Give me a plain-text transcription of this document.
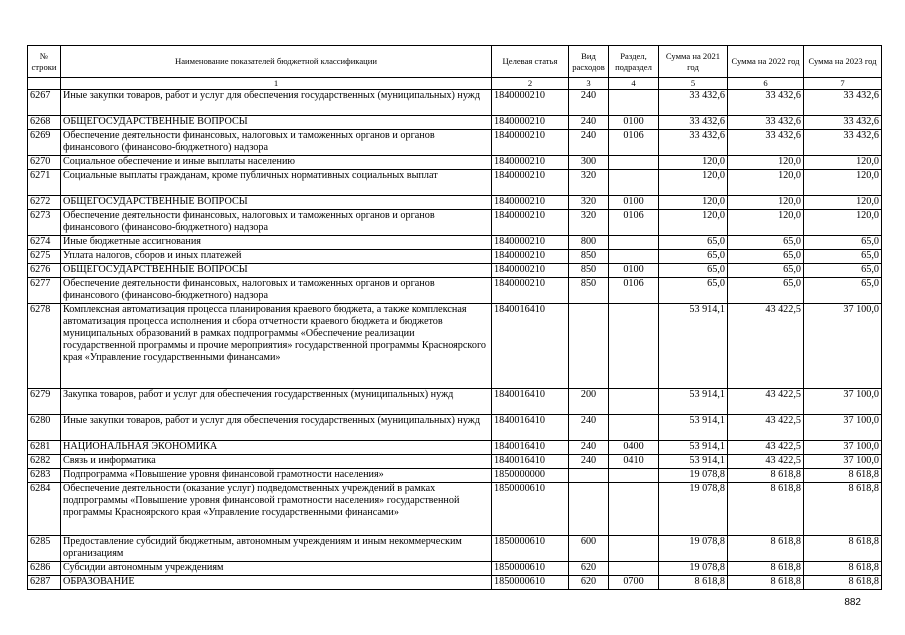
№ строки	Наименование показателей бюджетной классификации	Целевая статья	Вид расходов	Раздел, подраздел	Сумма на 2021 год	Сумма на 2022 год	Сумма на 2023 год
	1	2	3	4	5	6	7
6267	Иные закупки товаров, работ и услуг для обеспечения государственных (муниципальных) нужд	1840000210	240		33 432,6	33 432,6	33 432,6
6268	ОБЩЕГОСУДАРСТВЕННЫЕ ВОПРОСЫ	1840000210	240	0100	33 432,6	33 432,6	33 432,6
6269	Обеспечение деятельности финансовых, налоговых и таможенных органов и органов финансового (финансово-бюджетного) надзора	1840000210	240	0106	33 432,6	33 432,6	33 432,6
6270	Социальное обеспечение и иные выплаты населению	1840000210	300		120,0	120,0	120,0
6271	Социальные выплаты гражданам, кроме публичных нормативных социальных выплат	1840000210	320		120,0	120,0	120,0
6272	ОБЩЕГОСУДАРСТВЕННЫЕ ВОПРОСЫ	1840000210	320	0100	120,0	120,0	120,0
6273	Обеспечение деятельности финансовых, налоговых и таможенных органов и органов финансового (финансово-бюджетного) надзора	1840000210	320	0106	120,0	120,0	120,0
6274	Иные бюджетные ассигнования	1840000210	800		65,0	65,0	65,0
6275	Уплата налогов, сборов и иных платежей	1840000210	850		65,0	65,0	65,0
6276	ОБЩЕГОСУДАРСТВЕННЫЕ ВОПРОСЫ	1840000210	850	0100	65,0	65,0	65,0
6277	Обеспечение деятельности финансовых, налоговых и таможенных органов и органов финансового (финансово-бюджетного) надзора	1840000210	850	0106	65,0	65,0	65,0
6278	Комплексная автоматизация процесса планирования краевого бюджета, а также комплексная автоматизация процесса исполнения и сбора отчетности краевого бюджета и бюджетов муниципальных образований в рамках подпрограммы «Обеспечение реализации государственной программы и прочие мероприятия» государственной программы Красноярского края «Управление государственными финансами»	1840016410			53 914,1	43 422,5	37 100,0
6279	Закупка товаров, работ и услуг для обеспечения государственных (муниципальных) нужд	1840016410	200		53 914,1	43 422,5	37 100,0
6280	Иные закупки товаров, работ и услуг для обеспечения государственных (муниципальных) нужд	1840016410	240		53 914,1	43 422,5	37 100,0
6281	НАЦИОНАЛЬНАЯ ЭКОНОМИКА	1840016410	240	0400	53 914,1	43 422,5	37 100,0
6282	Связь и информатика	1840016410	240	0410	53 914,1	43 422,5	37 100,0
6283	Подпрограмма «Повышение уровня финансовой грамотности населения»	1850000000			19 078,8	8 618,8	8 618,8
6284	Обеспечение деятельности (оказание услуг) подведомственных учреждений в рамках подпрограммы «Повышение уровня финансовой грамотности населения» государственной программы Красноярского края «Управление государственными финансами»	1850000610			19 078,8	8 618,8	8 618,8
6285	Предоставление субсидий бюджетным, автономным учреждениям и иным некоммерческим организациям	1850000610	600		19 078,8	8 618,8	8 618,8
6286	Субсидии автономным учреждениям	1850000610	620		19 078,8	8 618,8	8 618,8
6287	ОБРАЗОВАНИЕ	1850000610	620	0700	8 618,8	8 618,8	8 618,8
882
